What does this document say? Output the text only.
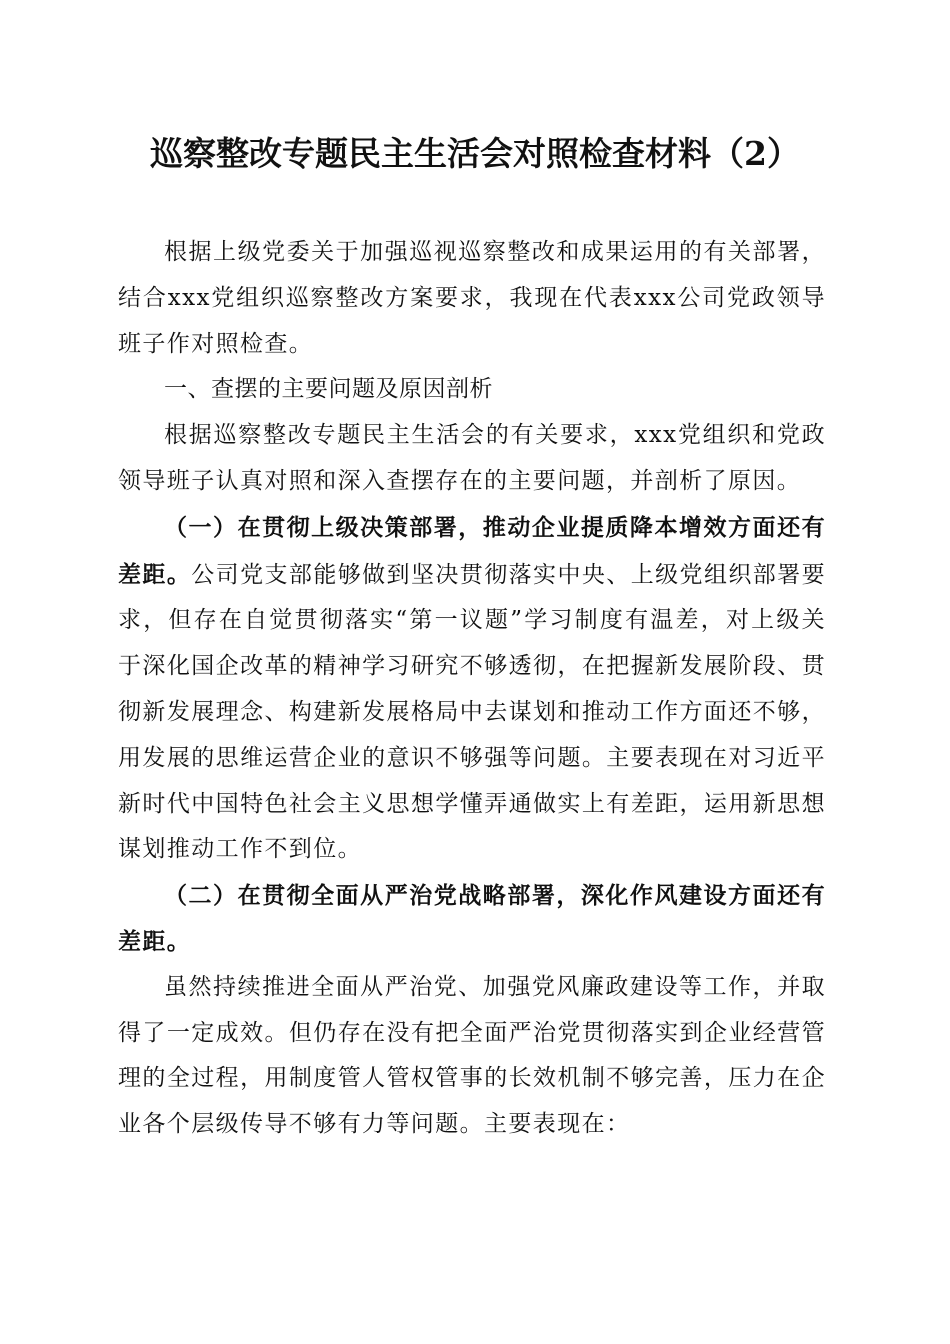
巡察整改专题民主生活会对照检查材料（2）

根据上级党委关于加强巡视巡察整改和成果运用的有关部署，结合xxx党组织巡察整改方案要求，我现在代表xxx公司党政领导班子作对照检查。

一、查摆的主要问题及原因剖析

根据巡察整改专题民主生活会的有关要求，xxx党组织和党政领导班子认真对照和深入查摆存在的主要问题，并剖析了原因。

（一）在贯彻上级决策部署，推动企业提质降本增效方面还有差距。公司党支部能够做到坚决贯彻落实中央、上级党组织部署要求，但存在自觉贯彻落实“第一议题”学习制度有温差，对上级关于深化国企改革的精神学习研究不够透彻，在把握新发展阶段、贯彻新发展理念、构建新发展格局中去谋划和推动工作方面还不够，用发展的思维运营企业的意识不够强等问题。主要表现在对习近平新时代中国特色社会主义思想学懂弄通做实上有差距，运用新思想谋划推动工作不到位。

（二）在贯彻全面从严治党战略部署，深化作风建设方面还有差距。

虽然持续推进全面从严治党、加强党风廉政建设等工作，并取得了一定成效。但仍存在没有把全面严治党贯彻落实到企业经营管理的全过程，用制度管人管权管事的长效机制不够完善，压力在企业各个层级传导不够有力等问题。主要表现在：
